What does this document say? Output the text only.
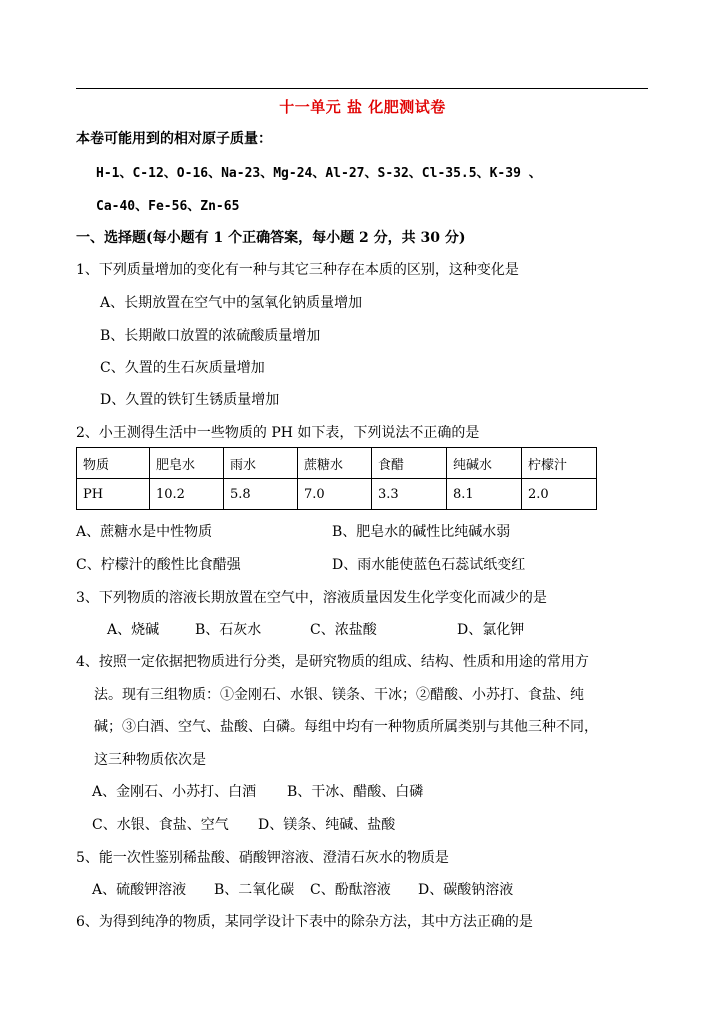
十一单元 盐 化肥测试卷
本卷可能用到的相对原子质量：
H-1、C-12、O-16、Na-23、Mg-24、Al-27、S-32、Cl-35.5、K-39 、
Ca-40、Fe-56、Zn-65
一、选择题(每小题有 1 个正确答案，每小题 2 分，共 30 分)
1、下列质量增加的变化有一种与其它三种存在本质的区别，这种变化是
A、长期放置在空气中的氢氧化钠质量增加
B、长期敞口放置的浓硫酸质量增加
C、久置的生石灰质量增加
D、久置的铁钉生锈质量增加
2、小王测得生活中一些物质的 PH 如下表，下列说法不正确的是
物质	肥皂水	雨水	蔗糖水	食醋	纯碱水	柠檬汁
PH	10.2	5.8	7.0	3.3	8.1	2.0
A、蔗糖水是中性物质	B、肥皂水的碱性比纯碱水弱
C、柠檬汁的酸性比食醋强	D、雨水能使蓝色石蕊试纸变红
3、下列物质的溶液长期放置在空气中，溶液质量因发生化学变化而减少的是
A、烧碱	B、石灰水	C、浓盐酸	D、氯化钾
4、按照一定依据把物质进行分类，是研究物质的组成、结构、性质和用途的常用方
法。现有三组物质：①金刚石、水银、镁条、干冰；②醋酸、小苏打、食盐、纯
碱；③白酒、空气、盐酸、白磷。每组中均有一种物质所属类别与其他三种不同，
这三种物质依次是
A、金刚石、小苏打、白酒 B、干冰、醋酸、白磷
C、水银、食盐、空气 D、镁条、纯碱、盐酸
5、能一次性鉴别稀盐酸、硝酸钾溶液、澄清石灰水的物质是
A、硫酸钾溶液 B、二氧化碳 C、酚酞溶液 D、碳酸钠溶液
6、为得到纯净的物质，某同学设计下表中的除杂方法，其中方法正确的是
